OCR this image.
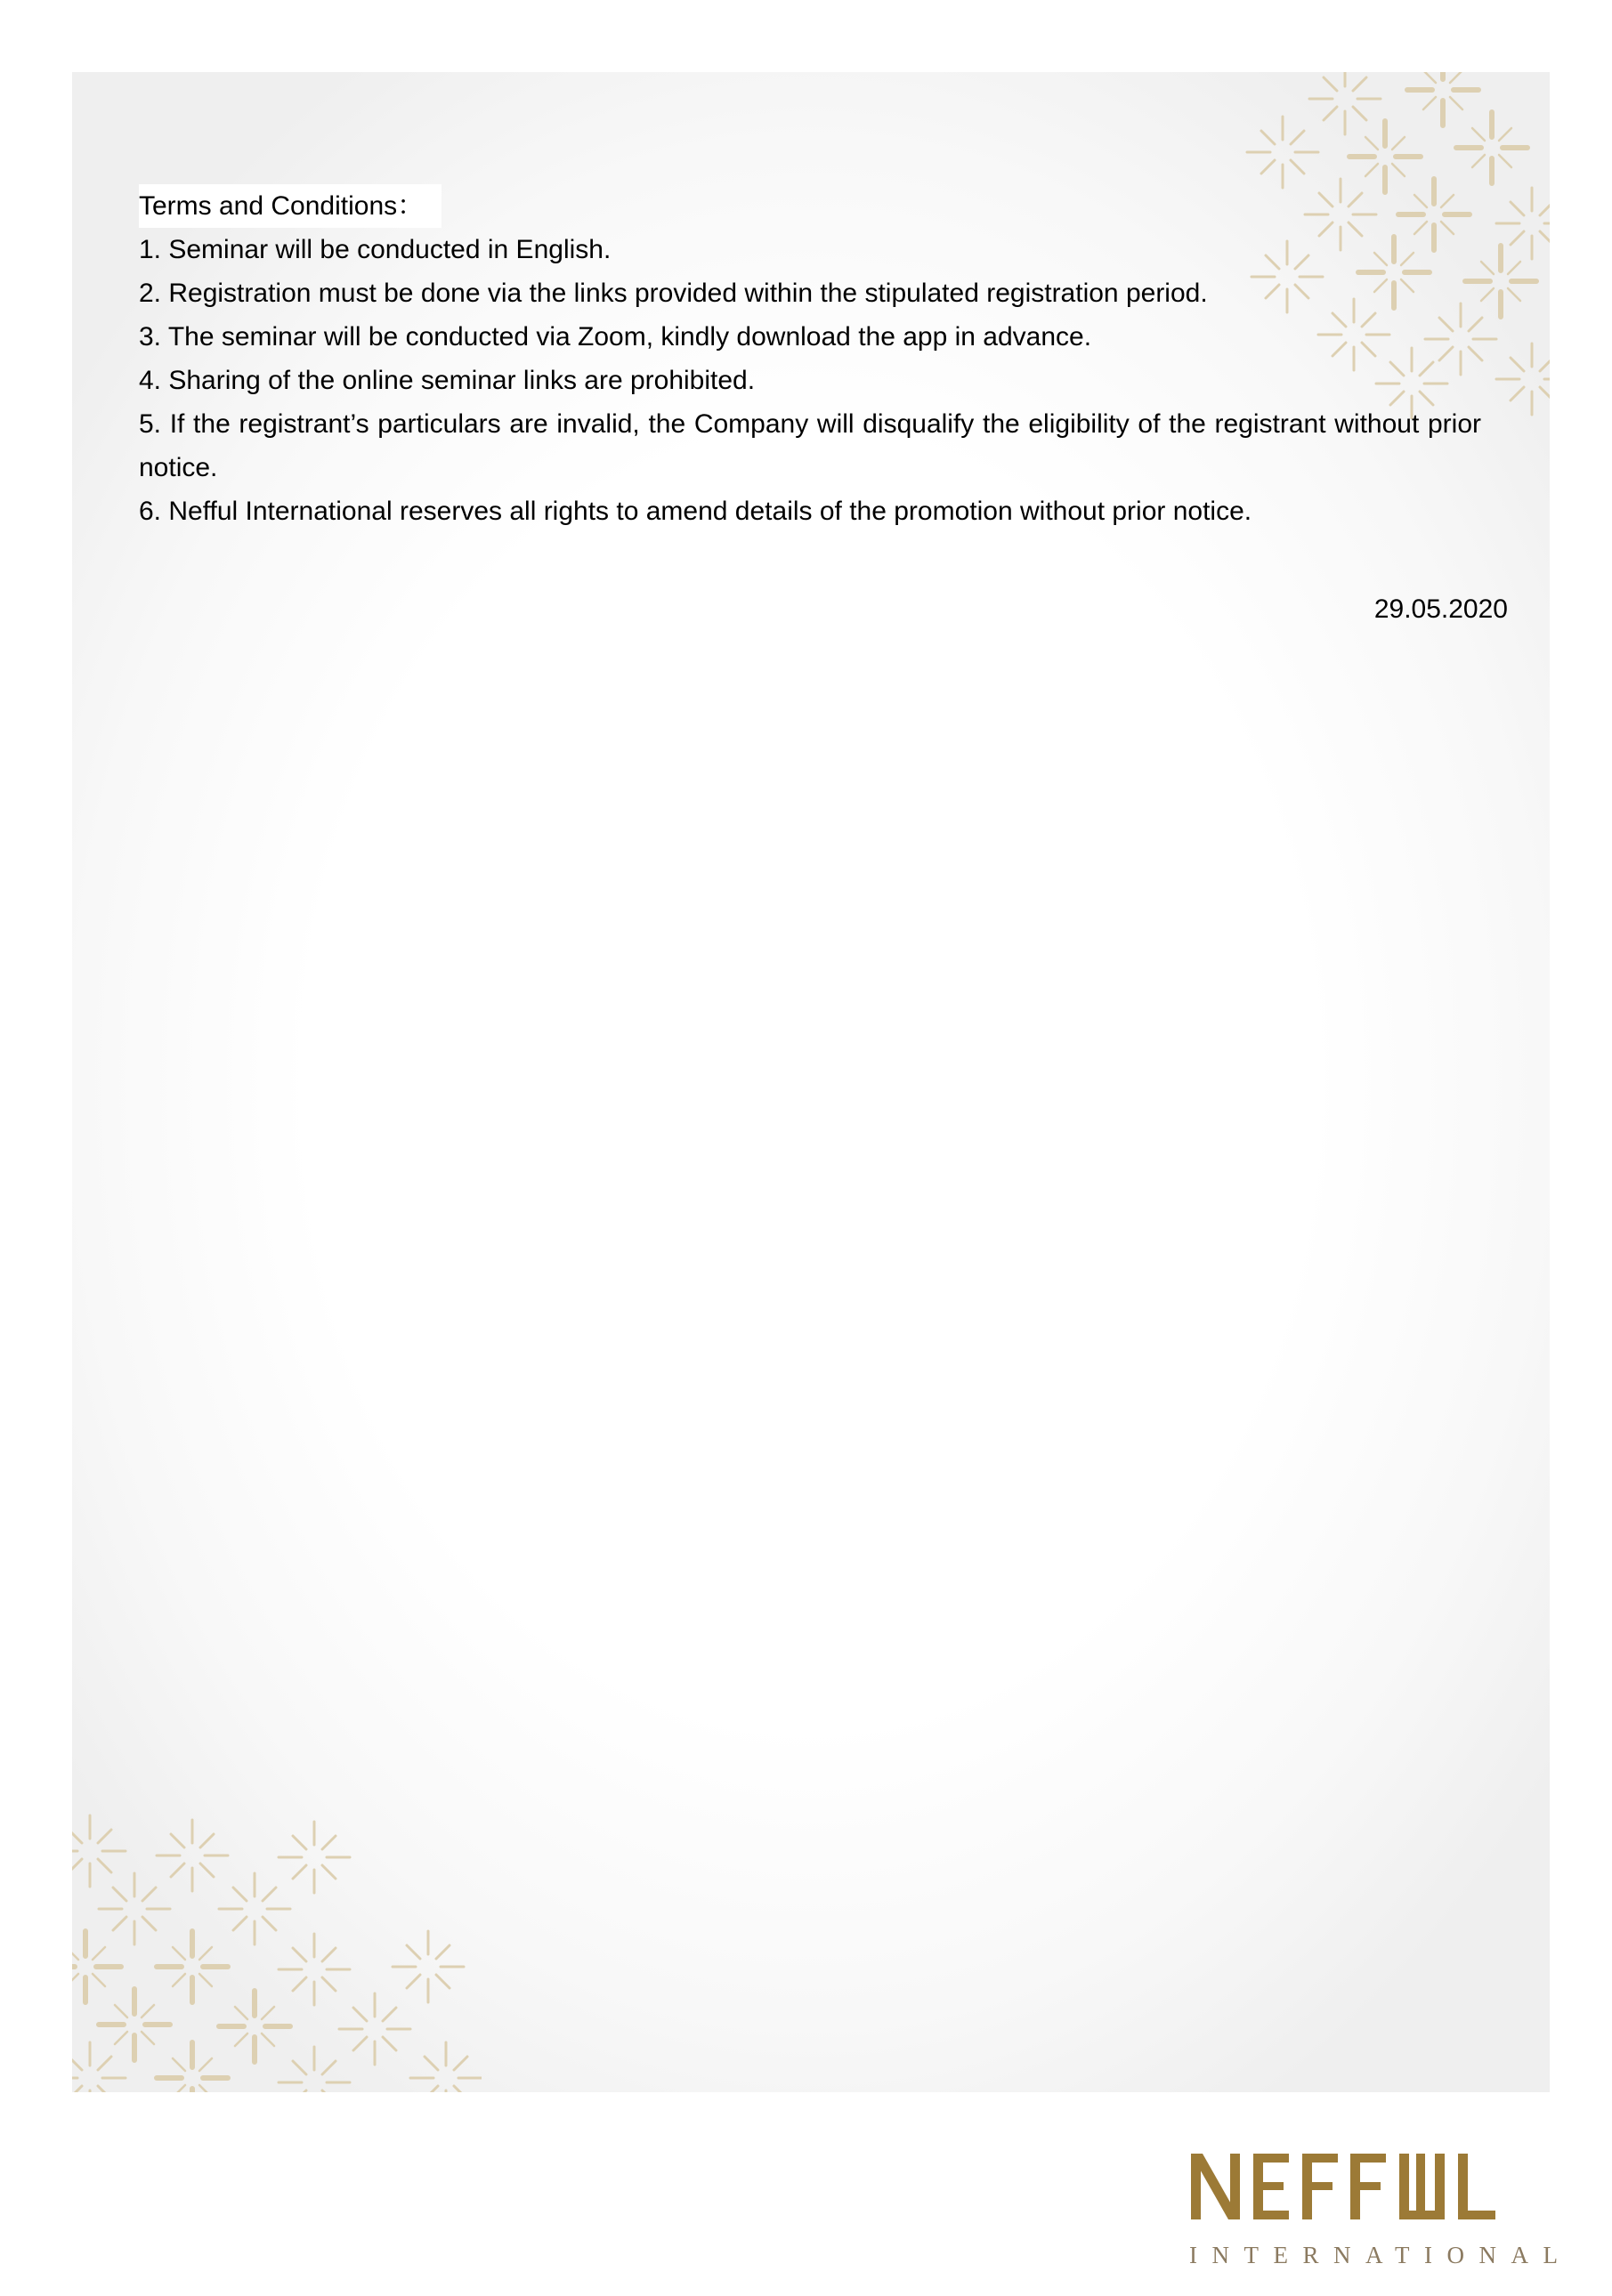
Terms and Conditions：

1. Seminar will be conducted in English.

2. Registration must be done via the links provided within the stipulated registration period.

3. The seminar will be conducted via Zoom, kindly download the app in advance.

4. Sharing of the online seminar links are prohibited.

5. If the registrant’s particulars are invalid, the Company will disqualify the eligibility of the registrant without prior notice.

6. Nefful International reserves all rights to amend details of the promotion without prior notice.

29.05.2020
INTERNATIONAL
